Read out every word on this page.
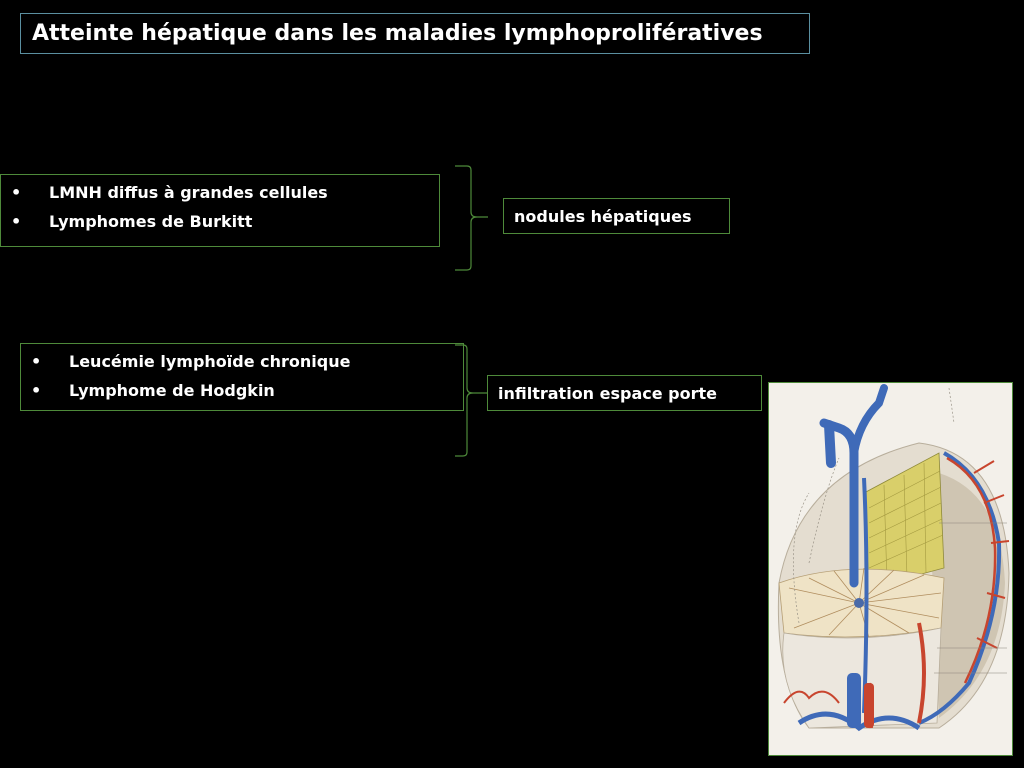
Atteinte hépatique dans les maladies lymphoprolifératives
• LMNH diffus à grandes cellules
• Lymphomes de Burkitt	nodules hépatiques
• Leucémie lymphoïde chronique
• Lymphome de Hodgkin	infiltration espace porte
